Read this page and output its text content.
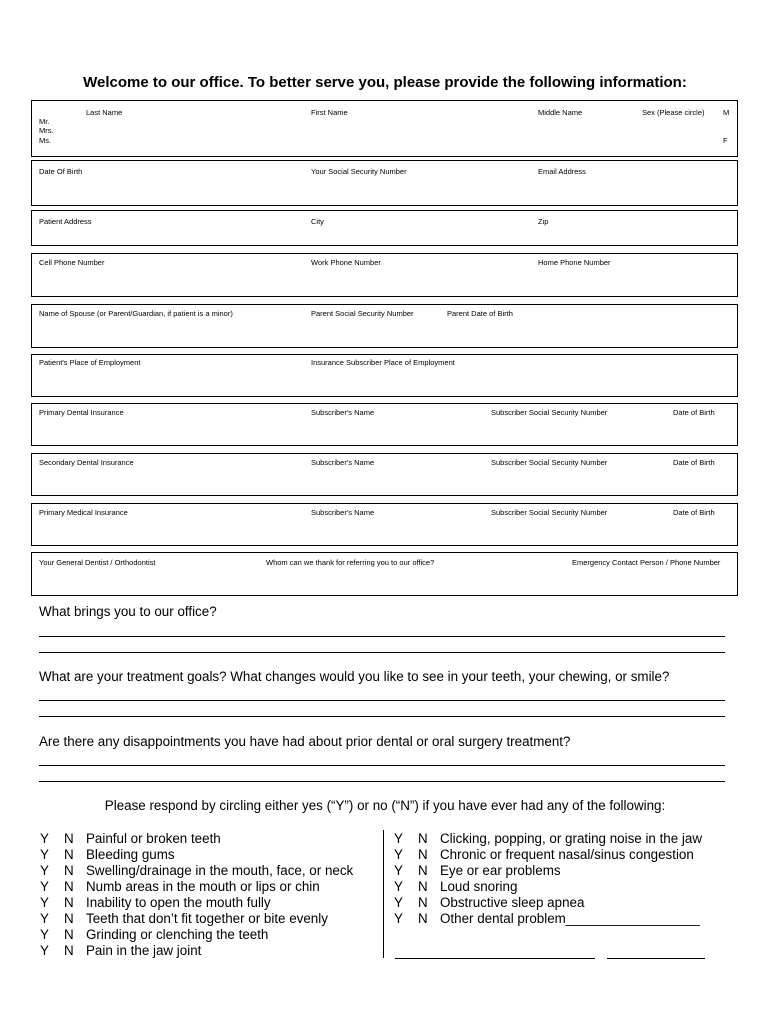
Welcome to our office. To better serve you, please provide the following information:
Last Name	First Name	Middle Name	Sex (Please circle) M
F
Mr.
Mrs.
Ms.
Date Of Birth	Your Social Security Number	Email Address
Patient Address	City	Zip
Cell Phone Number	Work Phone Number	Home Phone Number
Name of Spouse (or Parent/Guardian, if patient is a minor)	Parent Social Security Number	Parent Date of Birth
Patient's Place of Employment	Insurance Subscriber Place of Employment
Primary Dental Insurance	Subscriber's Name	Subscriber Social Security Number	Date of Birth
Secondary Dental Insurance	Subscriber's Name	Subscriber Social Security Number	Date of Birth
Primary Medical Insurance	Subscriber's Name	Subscriber Social Security Number	Date of Birth
Your General Dentist / Orthodontist	Whom can we thank for referring you to our office?	Emergency Contact Person / Phone Number
What brings you to our office?
What are your treatment goals? What changes would you like to see in your teeth, your chewing, or smile?
Are there any disappointments you have had about prior dental or oral surgery treatment?
Please respond by circling either yes (“Y”) or no (“N”) if you have ever had any of the following:
Y N Painful or broken teeth
Y N Bleeding gums
Y N Swelling/drainage in the mouth, face, or neck
Y N Numb areas in the mouth or lips or chin
Y N Inability to open the mouth fully
Y N Teeth that don’t fit together or bite evenly
Y N Grinding or clenching the teeth
Y N Pain in the jaw joint
Y N Clicking, popping, or grating noise in the jaw
Y N Chronic or frequent nasal/sinus congestion
Y N Eye or ear problems
Y N Loud snoring
Y N Obstructive sleep apnea
Y N Other dental problem__________________
